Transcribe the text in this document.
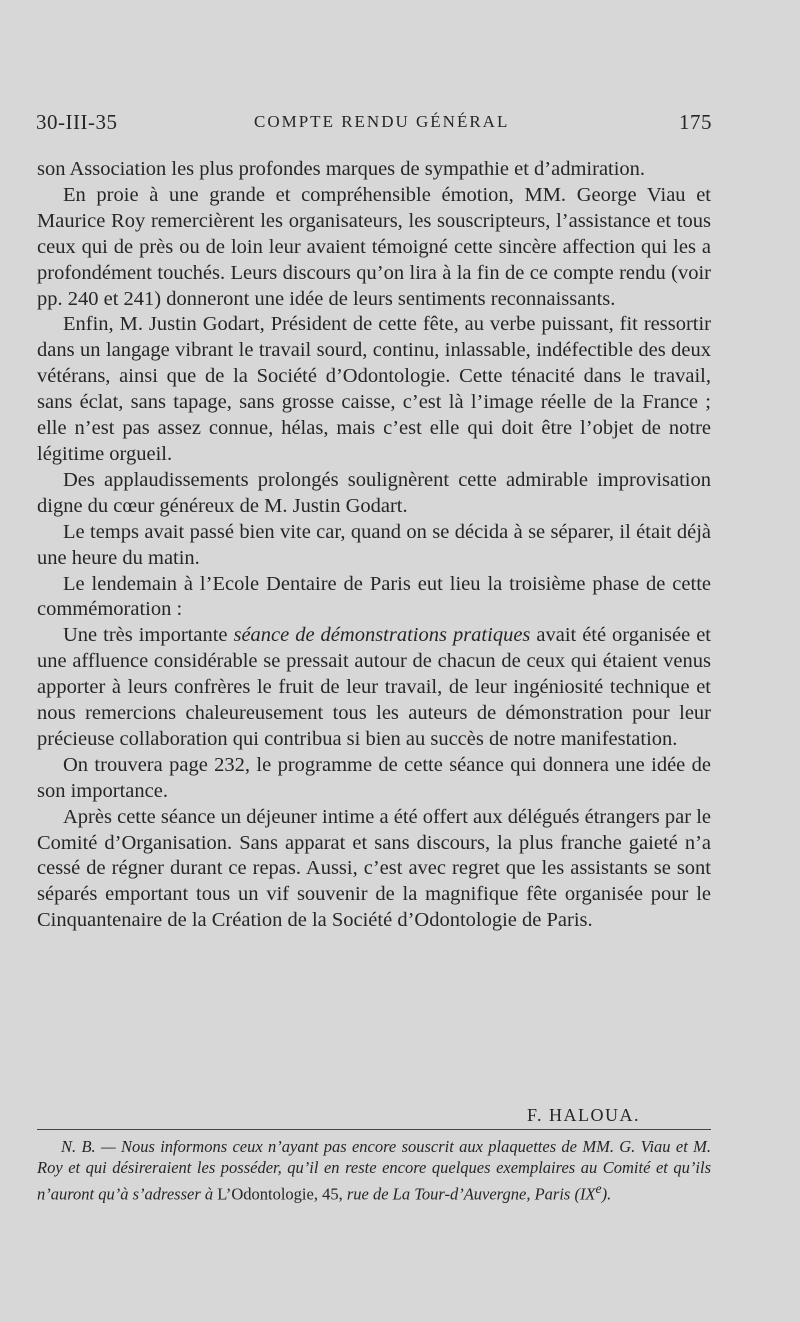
30-III-35	COMPTE RENDU GÉNÉRAL	175

son Association les plus profondes marques de sympathie et d’admiration.

En proie à une grande et compréhensible émotion, MM. George Viau et Maurice Roy remercièrent les organisateurs, les souscripteurs, l’assistance et tous ceux qui de près ou de loin leur avaient témoigné cette sincère affection qui les a profondément touchés. Leurs discours qu’on lira à la fin de ce compte rendu (voir pp. 240 et 241) donneront une idée de leurs sentiments reconnaissants.

Enfin, M. Justin Godart, Président de cette fête, au verbe puissant, fit ressortir dans un langage vibrant le travail sourd, continu, inlassable, indéfectible des deux vétérans, ainsi que de la Société d’Odontologie. Cette ténacité dans le travail, sans éclat, sans tapage, sans grosse caisse, c’est là l’image réelle de la France ; elle n’est pas assez connue, hélas, mais c’est elle qui doit être l’objet de notre légitime orgueil.

Des applaudissements prolongés soulignèrent cette admirable improvisation digne du cœur généreux de M. Justin Godart.

Le temps avait passé bien vite car, quand on se décida à se séparer, il était déjà une heure du matin.

Le lendemain à l’Ecole Dentaire de Paris eut lieu la troisième phase de cette commémoration :

Une très importante séance de démonstrations pratiques avait été organisée et une affluence considérable se pressait autour de chacun de ceux qui étaient venus apporter à leurs confrères le fruit de leur travail, de leur ingéniosité technique et nous remercions chaleureusement tous les auteurs de démonstration pour leur précieuse collaboration qui contribua si bien au succès de notre manifestation.

On trouvera page 232, le programme de cette séance qui donnera une idée de son importance.

Après cette séance un déjeuner intime a été offert aux délégués étrangers par le Comité d’Organisation. Sans apparat et sans discours, la plus franche gaieté n’a cessé de régner durant ce repas. Aussi, c’est avec regret que les assistants se sont séparés emportant tous un vif souvenir de la magnifique fête organisée pour le Cinquantenaire de la Création de la Société d’Odontologie de Paris.

F. HALOUA.

N. B. — Nous informons ceux n’ayant pas encore souscrit aux plaquettes de MM. G. Viau et M. Roy et qui désireraient les posséder, qu’il en reste encore quelques exemplaires au Comité et qu’ils n’auront qu’à s’adresser à L’Odontologie, 45, rue de La Tour-d’Auvergne, Paris (IXe).
